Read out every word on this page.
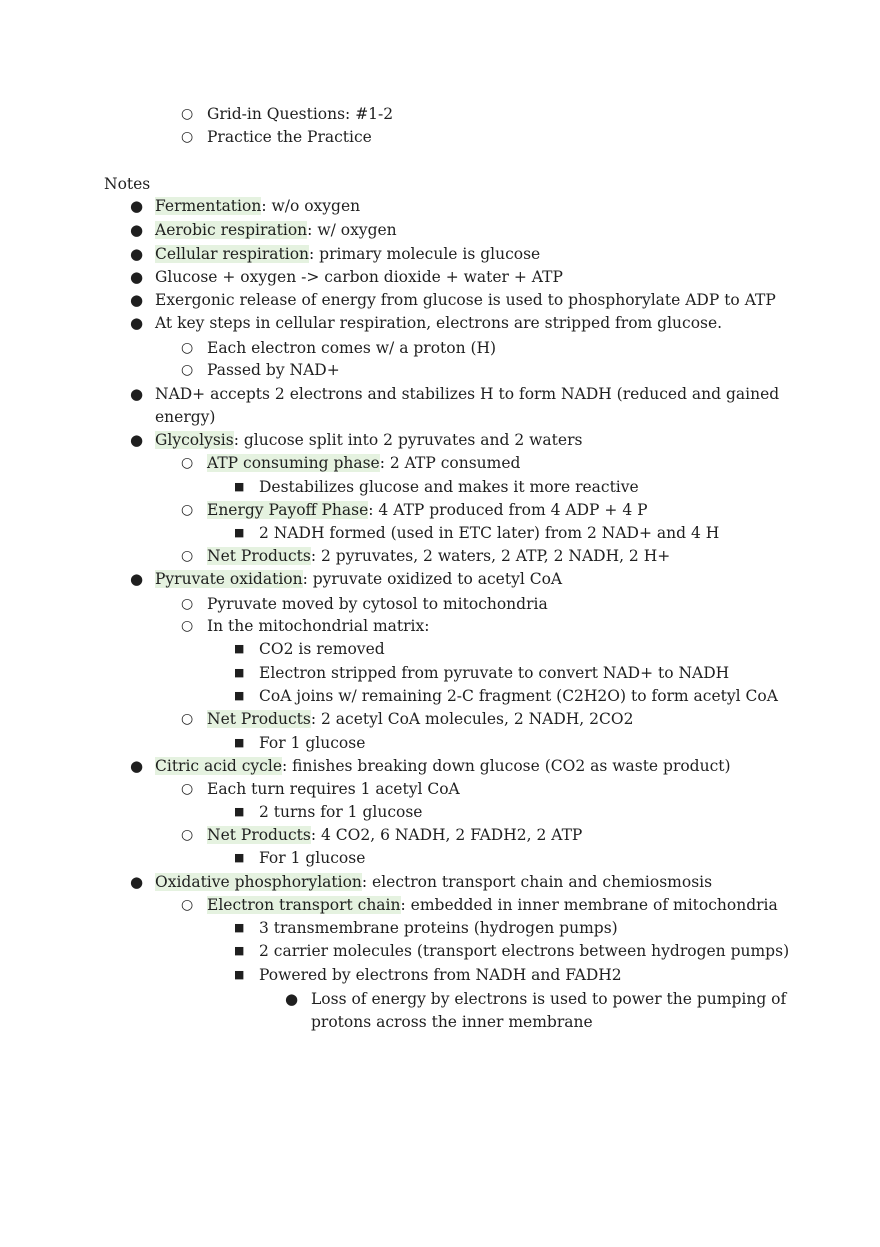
○ Grid-in Questions: #1-2
○ Practice the Practice
Notes
● Fermentation: w/o oxygen
● Aerobic respiration: w/ oxygen
● Cellular respiration: primary molecule is glucose
● Glucose + oxygen -> carbon dioxide + water + ATP
● Exergonic release of energy from glucose is used to phosphorylate ADP to ATP
● At key steps in cellular respiration, electrons are stripped from glucose.
○ Each electron comes w/ a proton (H)
○ Passed by NAD+
● NAD+ accepts 2 electrons and stabilizes H to form NADH (reduced and gained
energy)
● Glycolysis: glucose split into 2 pyruvates and 2 waters
○ ATP consuming phase: 2 ATP consumed
■ Destabilizes glucose and makes it more reactive
○ Energy Payoff Phase: 4 ATP produced from 4 ADP + 4 P
■ 2 NADH formed (used in ETC later) from 2 NAD+ and 4 H
○ Net Products: 2 pyruvates, 2 waters, 2 ATP, 2 NADH, 2 H+
● Pyruvate oxidation: pyruvate oxidized to acetyl CoA
○ Pyruvate moved by cytosol to mitochondria
○ In the mitochondrial matrix:
■ CO2 is removed
■ Electron stripped from pyruvate to convert NAD+ to NADH
■ CoA joins w/ remaining 2-C fragment (C2H2O) to form acetyl CoA
○ Net Products: 2 acetyl CoA molecules, 2 NADH, 2CO2
■ For 1 glucose
● Citric acid cycle: finishes breaking down glucose (CO2 as waste product)
○ Each turn requires 1 acetyl CoA
■ 2 turns for 1 glucose
○ Net Products: 4 CO2, 6 NADH, 2 FADH2, 2 ATP
■ For 1 glucose
● Oxidative phosphorylation: electron transport chain and chemiosmosis
○ Electron transport chain: embedded in inner membrane of mitochondria
■ 3 transmembrane proteins (hydrogen pumps)
■ 2 carrier molecules (transport electrons between hydrogen pumps)
■ Powered by electrons from NADH and FADH2
● Loss of energy by electrons is used to power the pumping of
protons across the inner membrane
